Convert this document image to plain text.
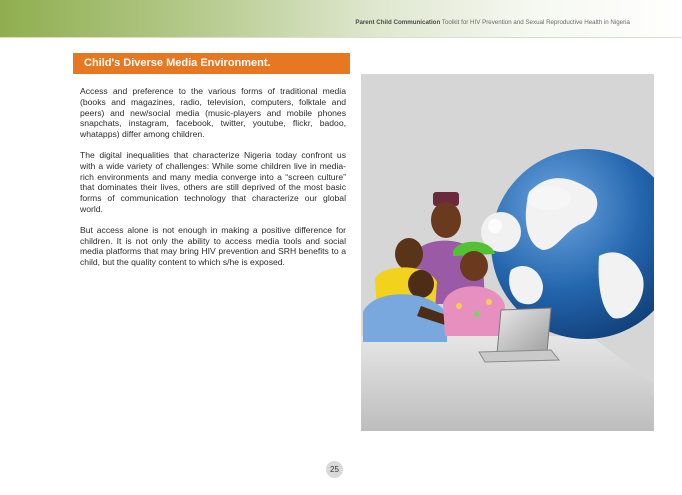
Parent Child Communication Toolkit for HIV Prevention and Sexual Reproductive Health in Nigeria
Child's Diverse Media Environment.

Access and preference to the various forms of traditional media (books and magazines, radio, television, computers, folktale and peers) and new/social media (music-players and mobile phones snapchats, instagram, facebook, twitter, youtube, flickr, badoo, whatapps) differ among children.

The digital inequalities that characterize Nigeria today confront us with a wide variety of challenges: While some children live in media-rich environments and many media converge into a “screen culture” that dominates their lives, others are still deprived of the most basic forms of communication technology that characterize our global world.

But access alone is not enough in making a positive difference for children. It is not only the ability to access media tools and social media platforms that may bring HIV prevention and SRH benefits to a child, but the quality content to which s/he is exposed.

25
